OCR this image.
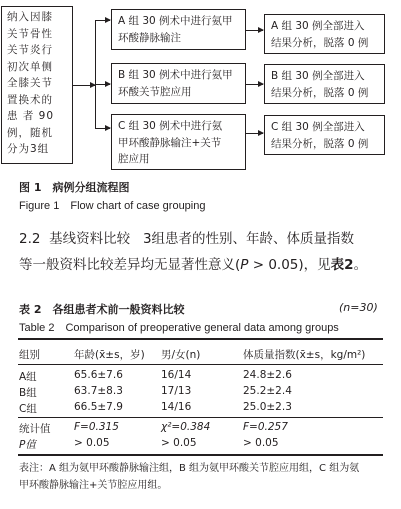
纳入因膝
关节骨性
关节炎行
初次单侧
全膝关节
置换术的
患 者 90
例，随机
分为3组
A 组 30 例术中进行氨甲
环酸静脉输注
B 组 30 例术中进行氨甲
环酸关节腔应用
C 组 30 例术中进行氨
甲环酸静脉输注+关节
腔应用
A 组 30 例全部进入
结果分析，脱落 0 例
B 组 30 例全部进入
结果分析，脱落 0 例
C 组 30 例全部进入
结果分析，脱落 0 例
图 1　病例分组流程图
Figure 1　Flow chart of case grouping
2.2 基线资料比较 3组患者的性别、年龄、体质量指数
等一般资料比较差异均无显著性意义(P > 0.05)，见表2。
表 2　各组患者术前一般资料比较	(n=30)
Table 2　Comparison of preoperative general data among groups
组别	年龄(x̄±s，岁) 男/女(n)	体质量指数(x̄±s，kg/m²)
A组	65.6±7.6	16/14	24.8±2.6
B组	63.7±8.3	17/13	25.2±2.4
C组	66.5±7.9	14/16	25.0±2.3
统计值 F=0.315	χ²=0.384	F=0.257
P值	> 0.05	> 0.05	> 0.05
表注：A 组为氨甲环酸静脉输注组，B 组为氨甲环酸关节腔应用组，C 组为氨
甲环酸静脉输注+关节腔应用组。
